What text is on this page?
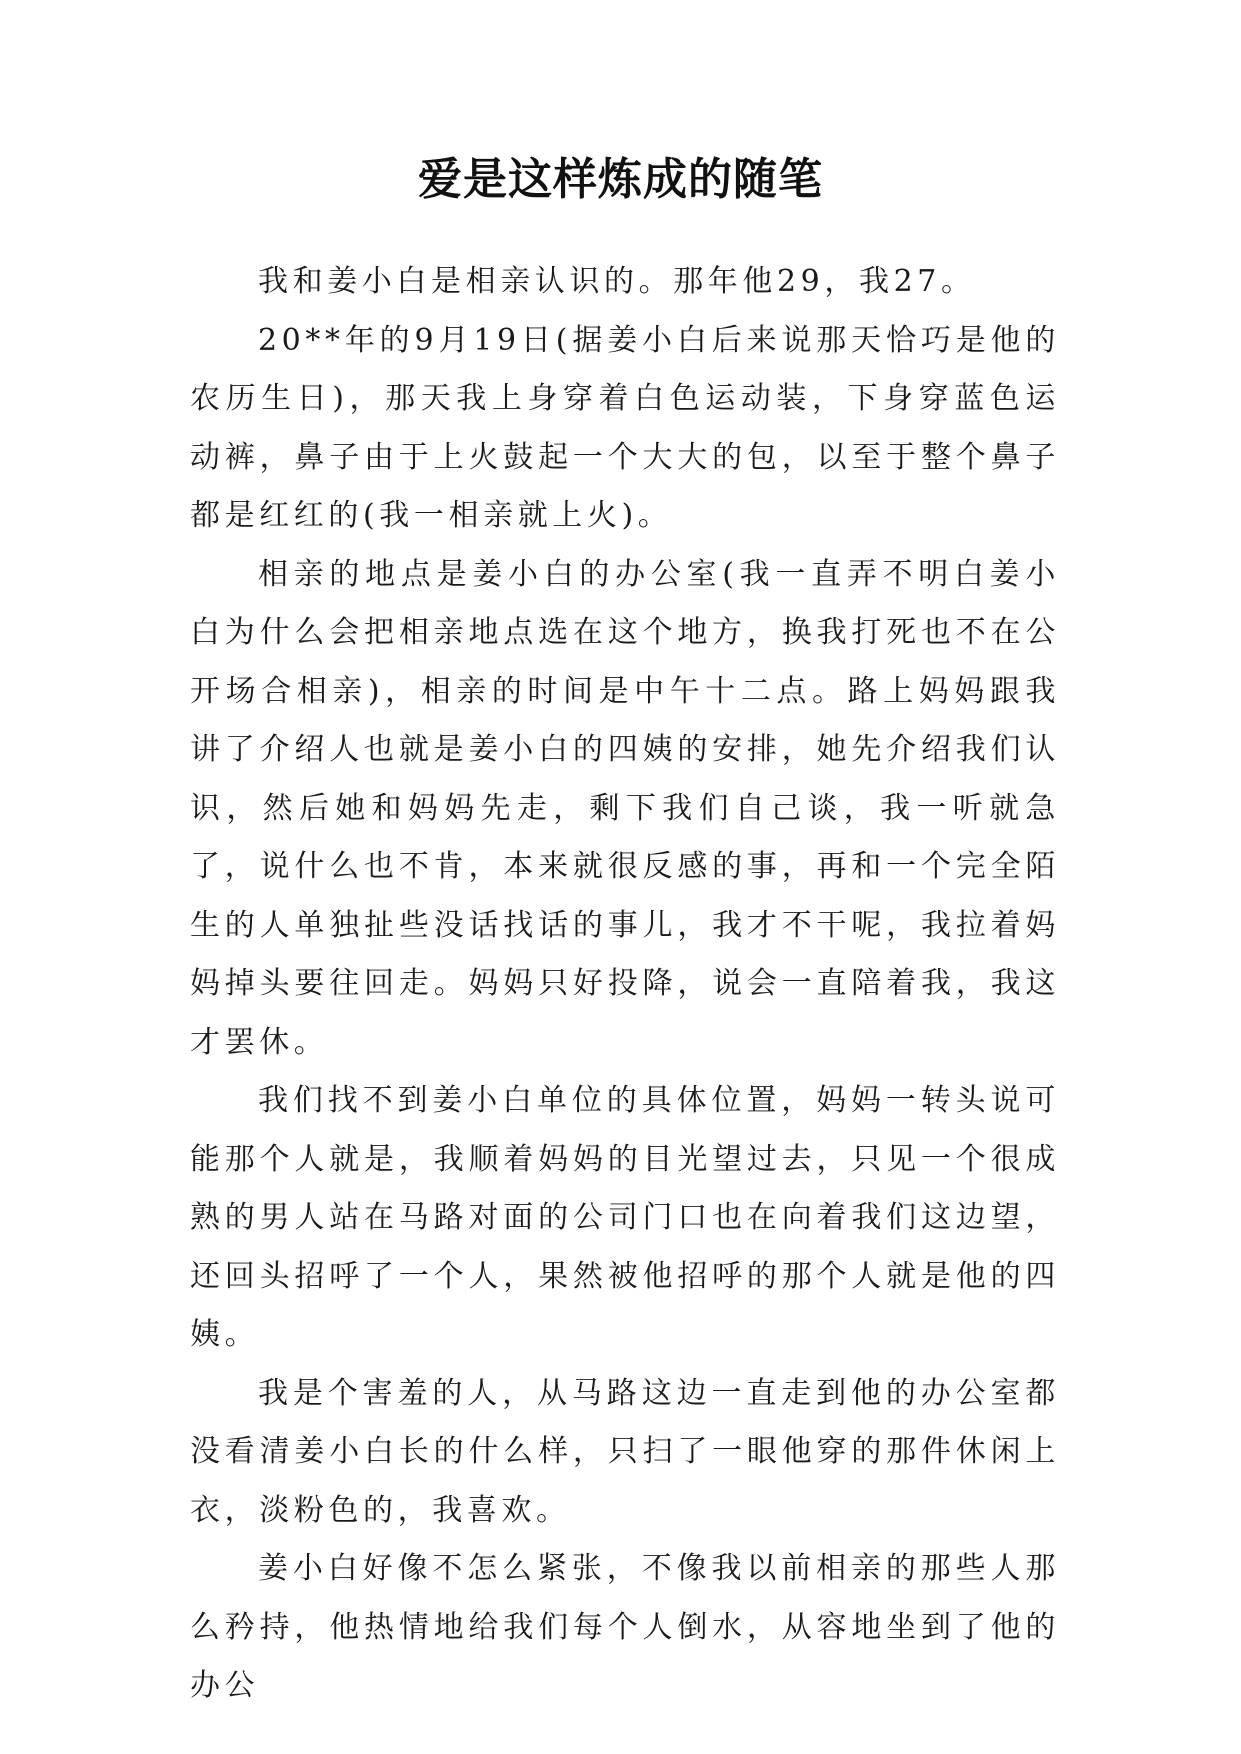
爱是这样炼成的随笔

我和姜小白是相亲认识的。那年他29，我27。

20**年的9月19日(据姜小白后来说那天恰巧是他的农历生日)，那天我上身穿着白色运动装，下身穿蓝色运动裤，鼻子由于上火鼓起一个大大的包，以至于整个鼻子都是红红的(我一相亲就上火)。

相亲的地点是姜小白的办公室(我一直弄不明白姜小白为什么会把相亲地点选在这个地方，换我打死也不在公开场合相亲)，相亲的时间是中午十二点。路上妈妈跟我讲了介绍人也就是姜小白的四姨的安排，她先介绍我们认识，然后她和妈妈先走，剩下我们自己谈，我一听就急了，说什么也不肯，本来就很反感的事，再和一个完全陌生的人单独扯些没话找话的事儿，我才不干呢，我拉着妈妈掉头要往回走。妈妈只好投降，说会一直陪着我，我这才罢休。

我们找不到姜小白单位的具体位置，妈妈一转头说可能那个人就是，我顺着妈妈的目光望过去，只见一个很成熟的男人站在马路对面的公司门口也在向着我们这边望，还回头招呼了一个人，果然被他招呼的那个人就是他的四姨。

我是个害羞的人，从马路这边一直走到他的办公室都没看清姜小白长的什么样，只扫了一眼他穿的那件休闲上衣，淡粉色的，我喜欢。

姜小白好像不怎么紧张，不像我以前相亲的那些人那么矜持，他热情地给我们每个人倒水，从容地坐到了他的办公
